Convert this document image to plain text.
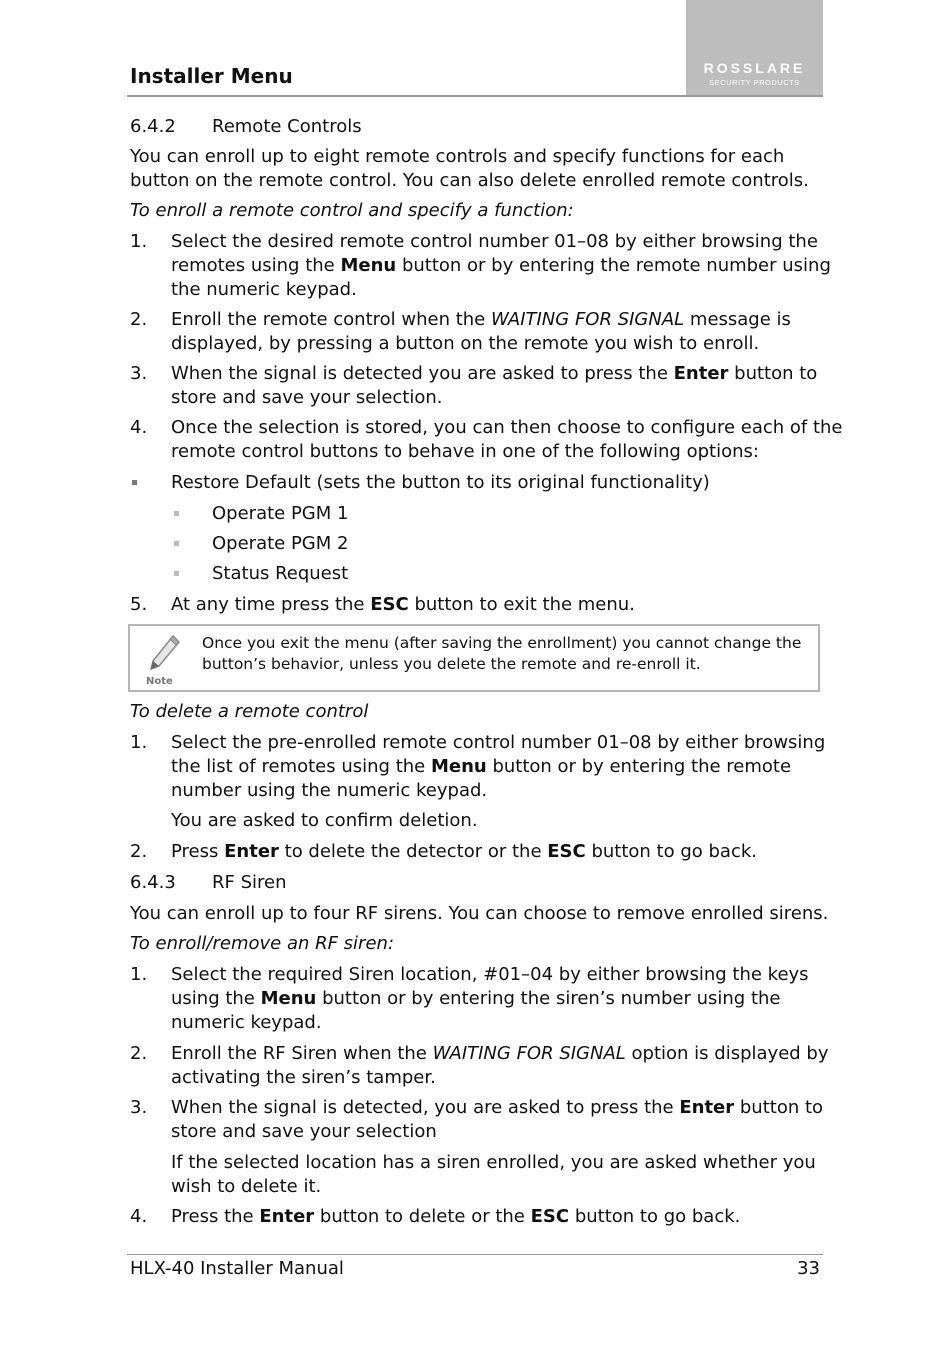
ROSSLARE
SECURITY PRODUCTS
Installer Menu
6.4.2 Remote Controls
You can enroll up to eight remote controls and specify functions for each
button on the remote control. You can also delete enrolled remote controls.
To enroll a remote control and specify a function:
1. Select the desired remote control number 01–08 by either browsing the
remotes using the Menu button or by entering the remote number using
the numeric keypad.
2. Enroll the remote control when the WAITING FOR SIGNAL message is
displayed, by pressing a button on the remote you wish to enroll.
3. When the signal is detected you are asked to press the Enter button to
store and save your selection.
4. Once the selection is stored, you can then choose to configure each of the
remote control buttons to behave in one of the following options:
Restore Default (sets the button to its original functionality)
Operate PGM 1
Operate PGM 2
Status Request
5. At any time press the ESC button to exit the menu.
Note
Once you exit the menu (after saving the enrollment) you cannot change the
button’s behavior, unless you delete the remote and re-enroll it.
To delete a remote control
1. Select the pre-enrolled remote control number 01–08 by either browsing
the list of remotes using the Menu button or by entering the remote
number using the numeric keypad.
You are asked to confirm deletion.
2. Press Enter to delete the detector or the ESC button to go back.
6.4.3 RF Siren
You can enroll up to four RF sirens. You can choose to remove enrolled sirens.
To enroll/remove an RF siren:
1. Select the required Siren location, #01–04 by either browsing the keys
using the Menu button or by entering the siren’s number using the
numeric keypad.
2. Enroll the RF Siren when the WAITING FOR SIGNAL option is displayed by
activating the siren’s tamper.
3. When the signal is detected, you are asked to press the Enter button to
store and save your selection
If the selected location has a siren enrolled, you are asked whether you
wish to delete it.
4. Press the Enter button to delete or the ESC button to go back.
HLX-40 Installer Manual	33
